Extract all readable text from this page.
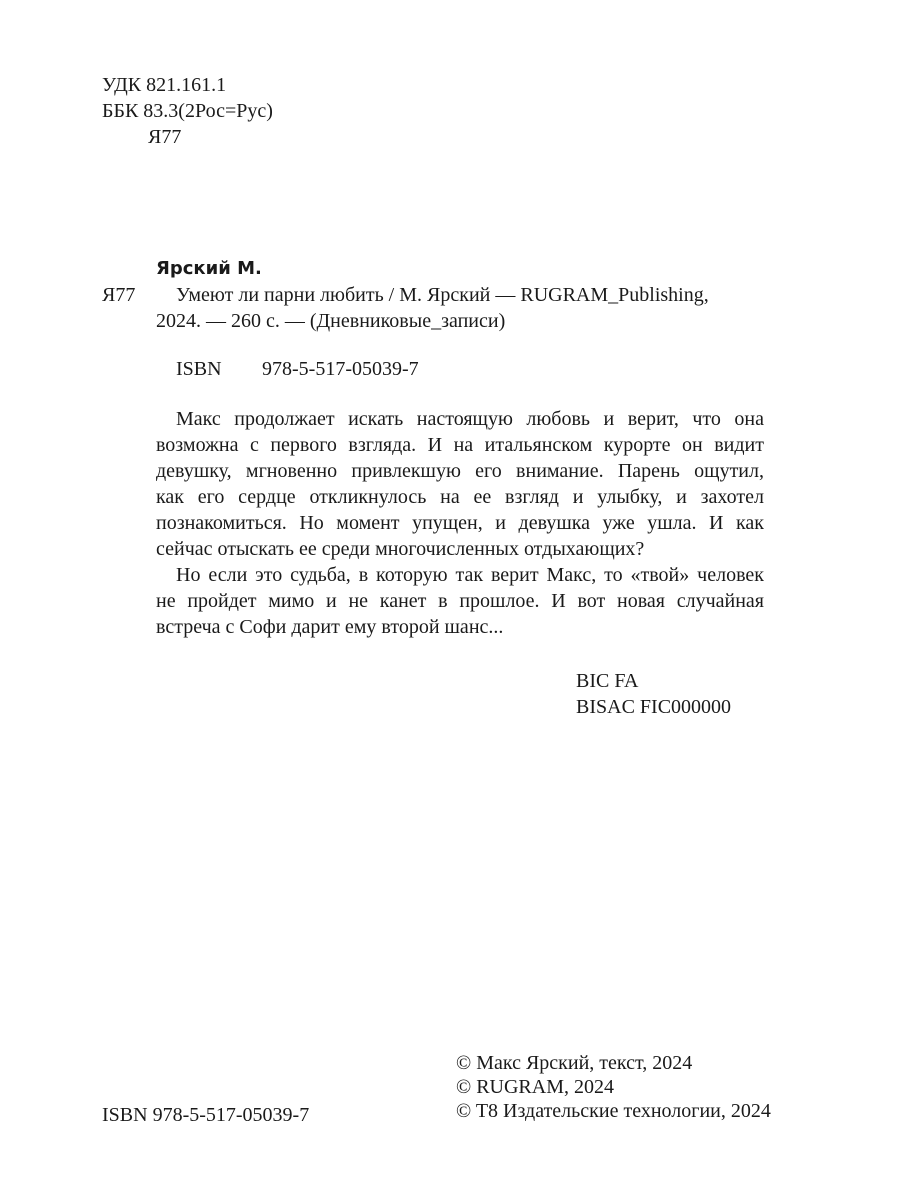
УДК 821.161.1
ББК 83.3(2Рос=Рус)
Я77
Ярский М.
Я77 Умеют ли парни любить / М. Ярский — RUGRAM_Publishing,
2024. — 260 с. — (Дневниковые_записи)
ISBN 978-5-517-05039-7

Макс продолжает искать настоящую любовь и верит, что она
возможна с первого взгляда. И на итальянском курорте он видит
девушку, мгновенно привлекшую его внимание. Парень ощутил,
как его сердце откликнулось на ее взгляд и улыбку, и захотел
познакомиться. Но момент упущен, и девушка уже ушла. И как
сейчас отыскать ее среди многочисленных отдыхающих?

Но если это судьба, в которую так верит Макс, то «твой» человек
не пройдет мимо и не канет в прошлое. И вот новая случайная
встреча с Софи дарит ему второй шанс...

BIC FA
BISAC FIC000000
ISBN 978-5-517-05039-7
© Макс Ярский, текст, 2024
© RUGRAM, 2024
© T8 Издательские технологии, 2024
